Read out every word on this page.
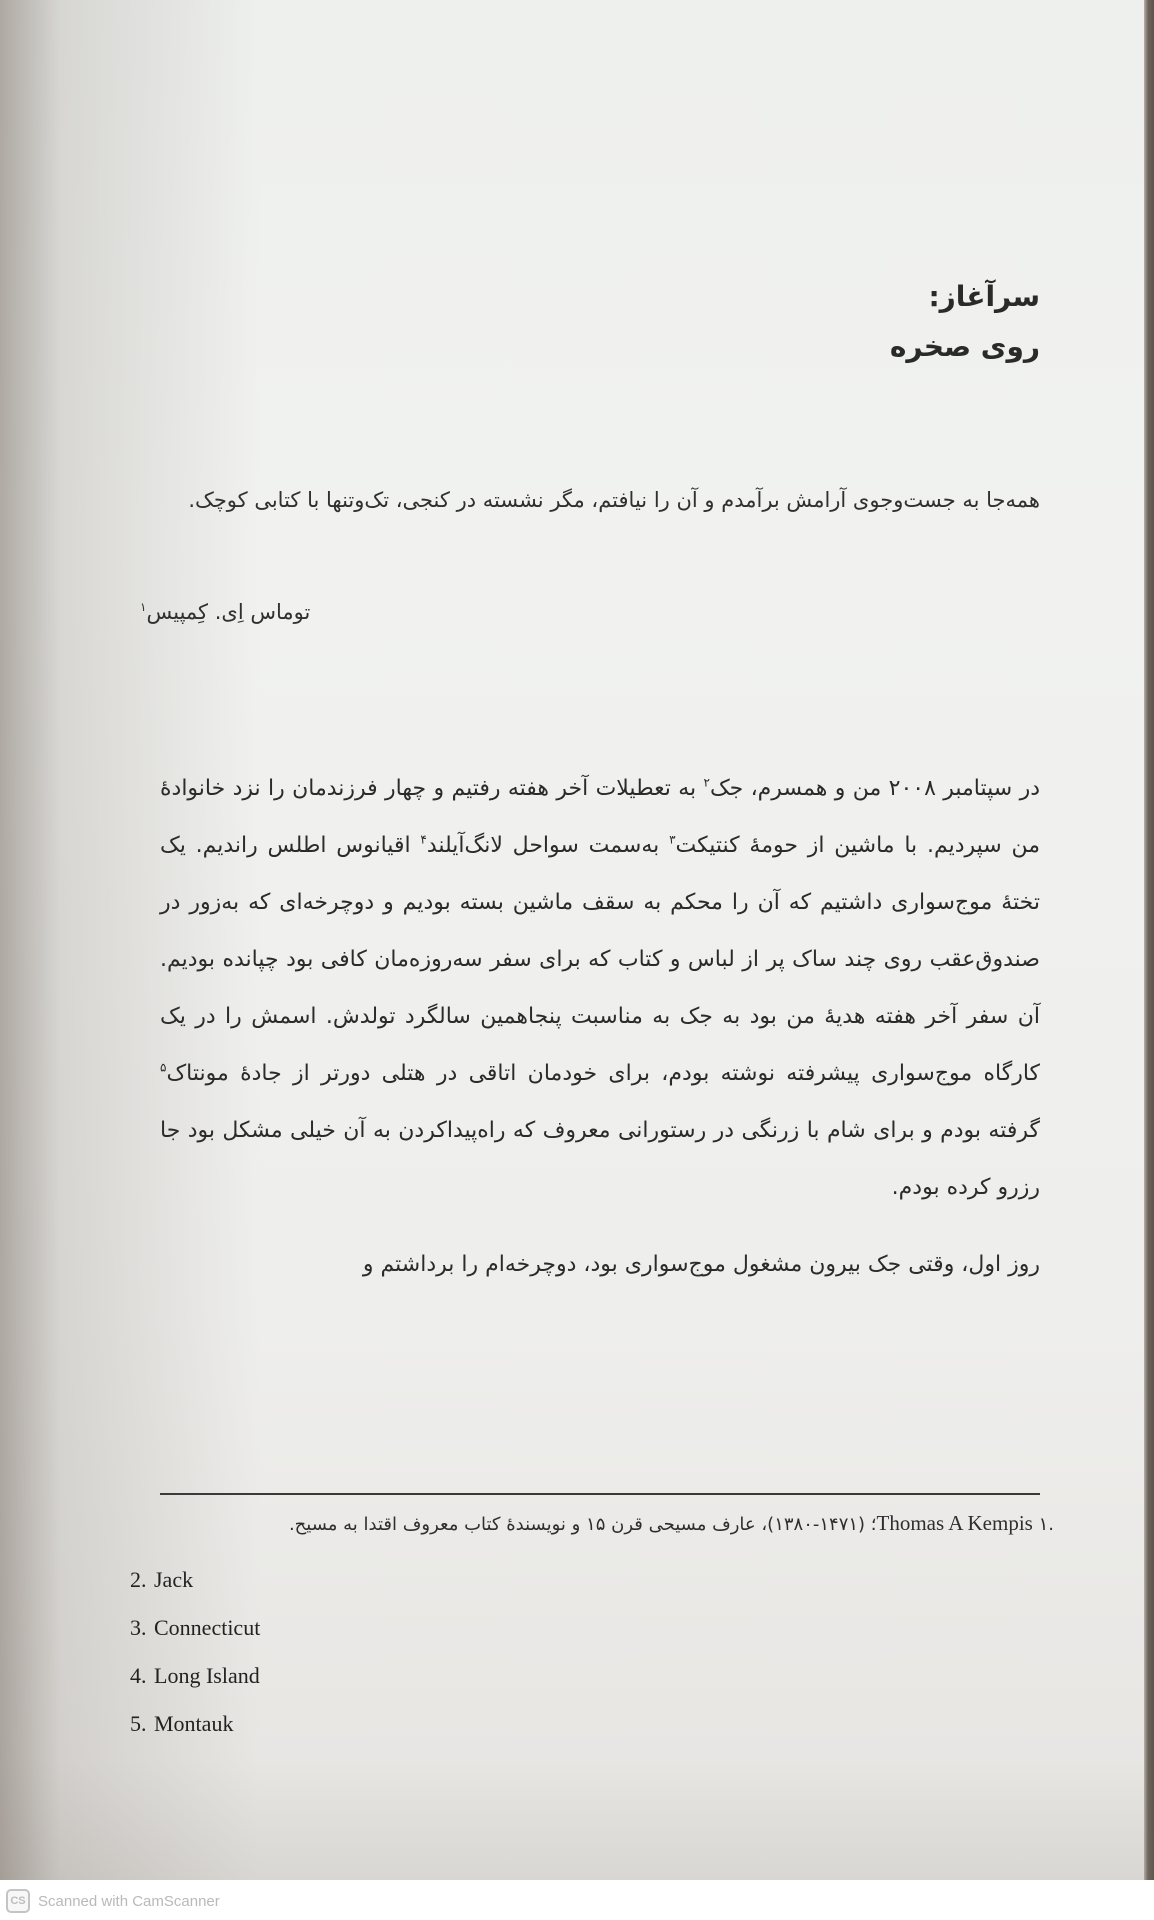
سرآغاز:
روی صخره
همه‌جا به جست‌وجوی آرامش برآمدم و آن را نیافتم، مگر نشسته در کنجی، تک‌وتنها با کتابی کوچک.
توماس اِی. کِمپیس$^۱$

در سپتامبر ۲۰۰۸ من و همسرم، جک$^۲$ به تعطیلات آخر هفته رفتیم و چهار فرزندمان را نزد خانوادهٔ من سپردیم. با ماشین از حومهٔ کنتیکت$^۳$ به‌سمت سواحل لانگ‌آیلند$^۴$ اقیانوس اطلس راندیم. یک تختهٔ موج‌سواری داشتیم که آن را محکم به سقف ماشین بسته بودیم و دوچرخه‌ای که به‌زور در صندوق‌عقب روی چند ساک پر از لباس و کتاب که برای سفر سه‌روزه‌مان کافی بود چپانده بودیم. آن سفر آخر هفته هدیهٔ من بود به جک به مناسبت پنجاهمین سالگرد تولدش. اسمش را در یک کارگاه موج‌سواری پیشرفته نوشته بودم، برای خودمان اتاقی در هتلی دورتر از جادهٔ مونتاک$^۵$ گرفته بودم و برای شام با زرنگی در رستورانی معروف که راه‌پیداکردن به آن خیلی مشکل بود جا رزرو کرده بودم.

روز اول، وقتی جک بیرون مشغول موج‌سواری بود، دوچرخه‌ام را برداشتم و

.۱ Thomas A Kempis؛ (۱۴۷۱-۱۳۸۰)، عارف مسیحی قرن ۱۵ و نویسندهٔ کتاب معروف اقتدا به مسیح.
2. Jack
3. Connecticut
4. Long Island
5. Montauk
CS Scanned with CamScanner
